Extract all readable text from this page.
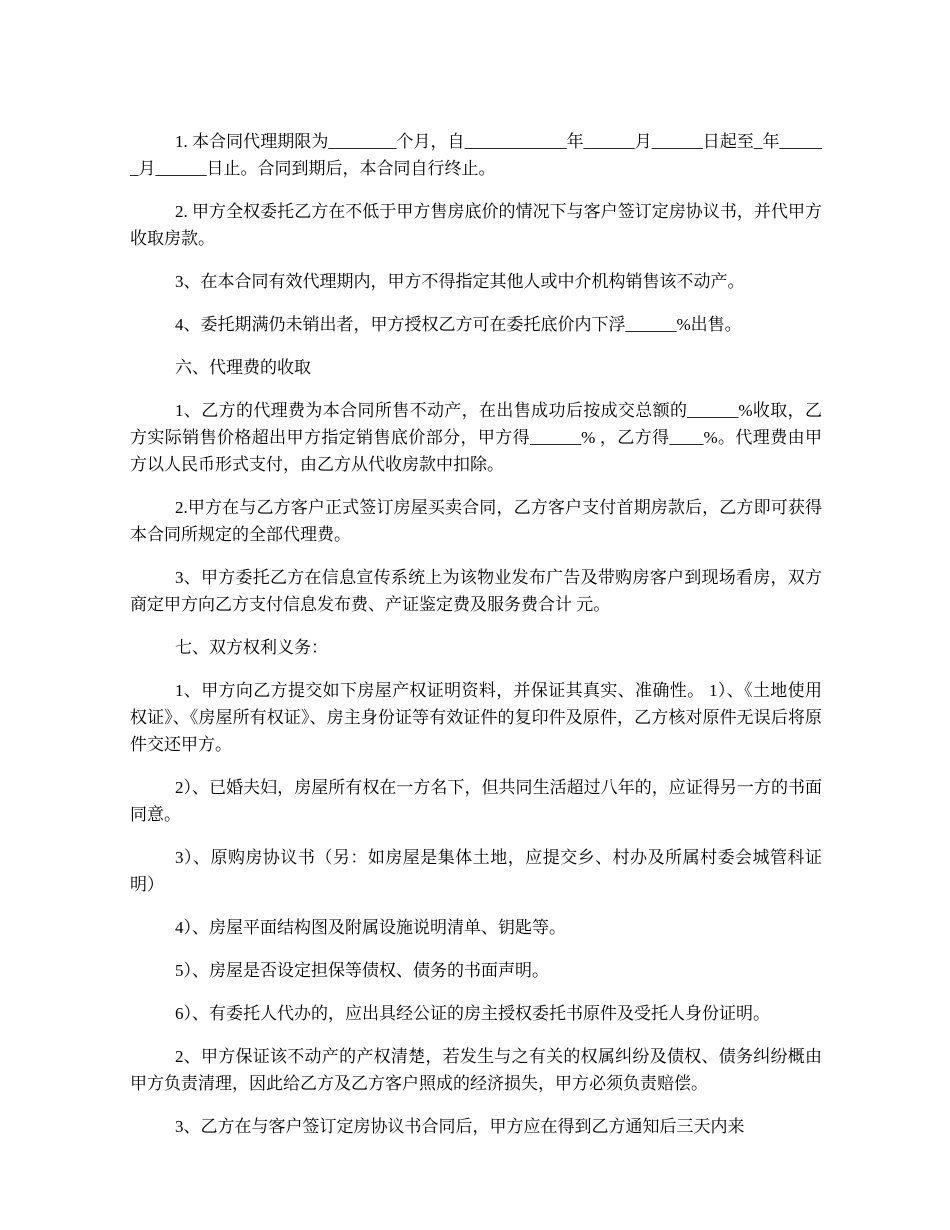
1. 本合同代理期限为________个月，自____________年______月______日起至_年______月______日止。合同到期后，本合同自行终止。

2. 甲方全权委托乙方在不低于甲方售房底价的情况下与客户签订定房协议书，并代甲方收取房款。

3、在本合同有效代理期内，甲方不得指定其他人或中介机构销售该不动产。

4、委托期满仍未销出者，甲方授权乙方可在委托底价内下浮______%出售。

六、代理费的收取

1、乙方的代理费为本合同所售不动产，在出售成功后按成交总额的______%收取，乙方实际销售价格超出甲方指定销售底价部分，甲方得______% ，乙方得____%。代理费由甲方以人民币形式支付，由乙方从代收房款中扣除。

2.甲方在与乙方客户正式签订房屋买卖合同，乙方客户支付首期房款后，乙方即可获得本合同所规定的全部代理费。

3、甲方委托乙方在信息宣传系统上为该物业发布广告及带购房客户到现场看房，双方商定甲方向乙方支付信息发布费、产证鉴定费及服务费合计 元。

七、双方权利义务：

1、甲方向乙方提交如下房屋产权证明资料，并保证其真实、准确性。 1）、《土地使用权证》、《房屋所有权证》、房主身份证等有效证件的复印件及原件，乙方核对原件无误后将原件交还甲方。

2）、已婚夫妇，房屋所有权在一方名下，但共同生活超过八年的，应证得另一方的书面同意。

3）、原购房协议书（另：如房屋是集体土地，应提交乡、村办及所属村委会城管科证明）

4）、房屋平面结构图及附属设施说明清单、钥匙等。

5）、房屋是否设定担保等债权、债务的书面声明。

6）、有委托人代办的，应出具经公证的房主授权委托书原件及受托人身份证明。

2、甲方保证该不动产的产权清楚，若发生与之有关的权属纠纷及债权、债务纠纷概由甲方负责清理，因此给乙方及乙方客户照成的经济损失，甲方必须负责赔偿。

3、乙方在与客户签订定房协议书合同后，甲方应在得到乙方通知后三天内来
